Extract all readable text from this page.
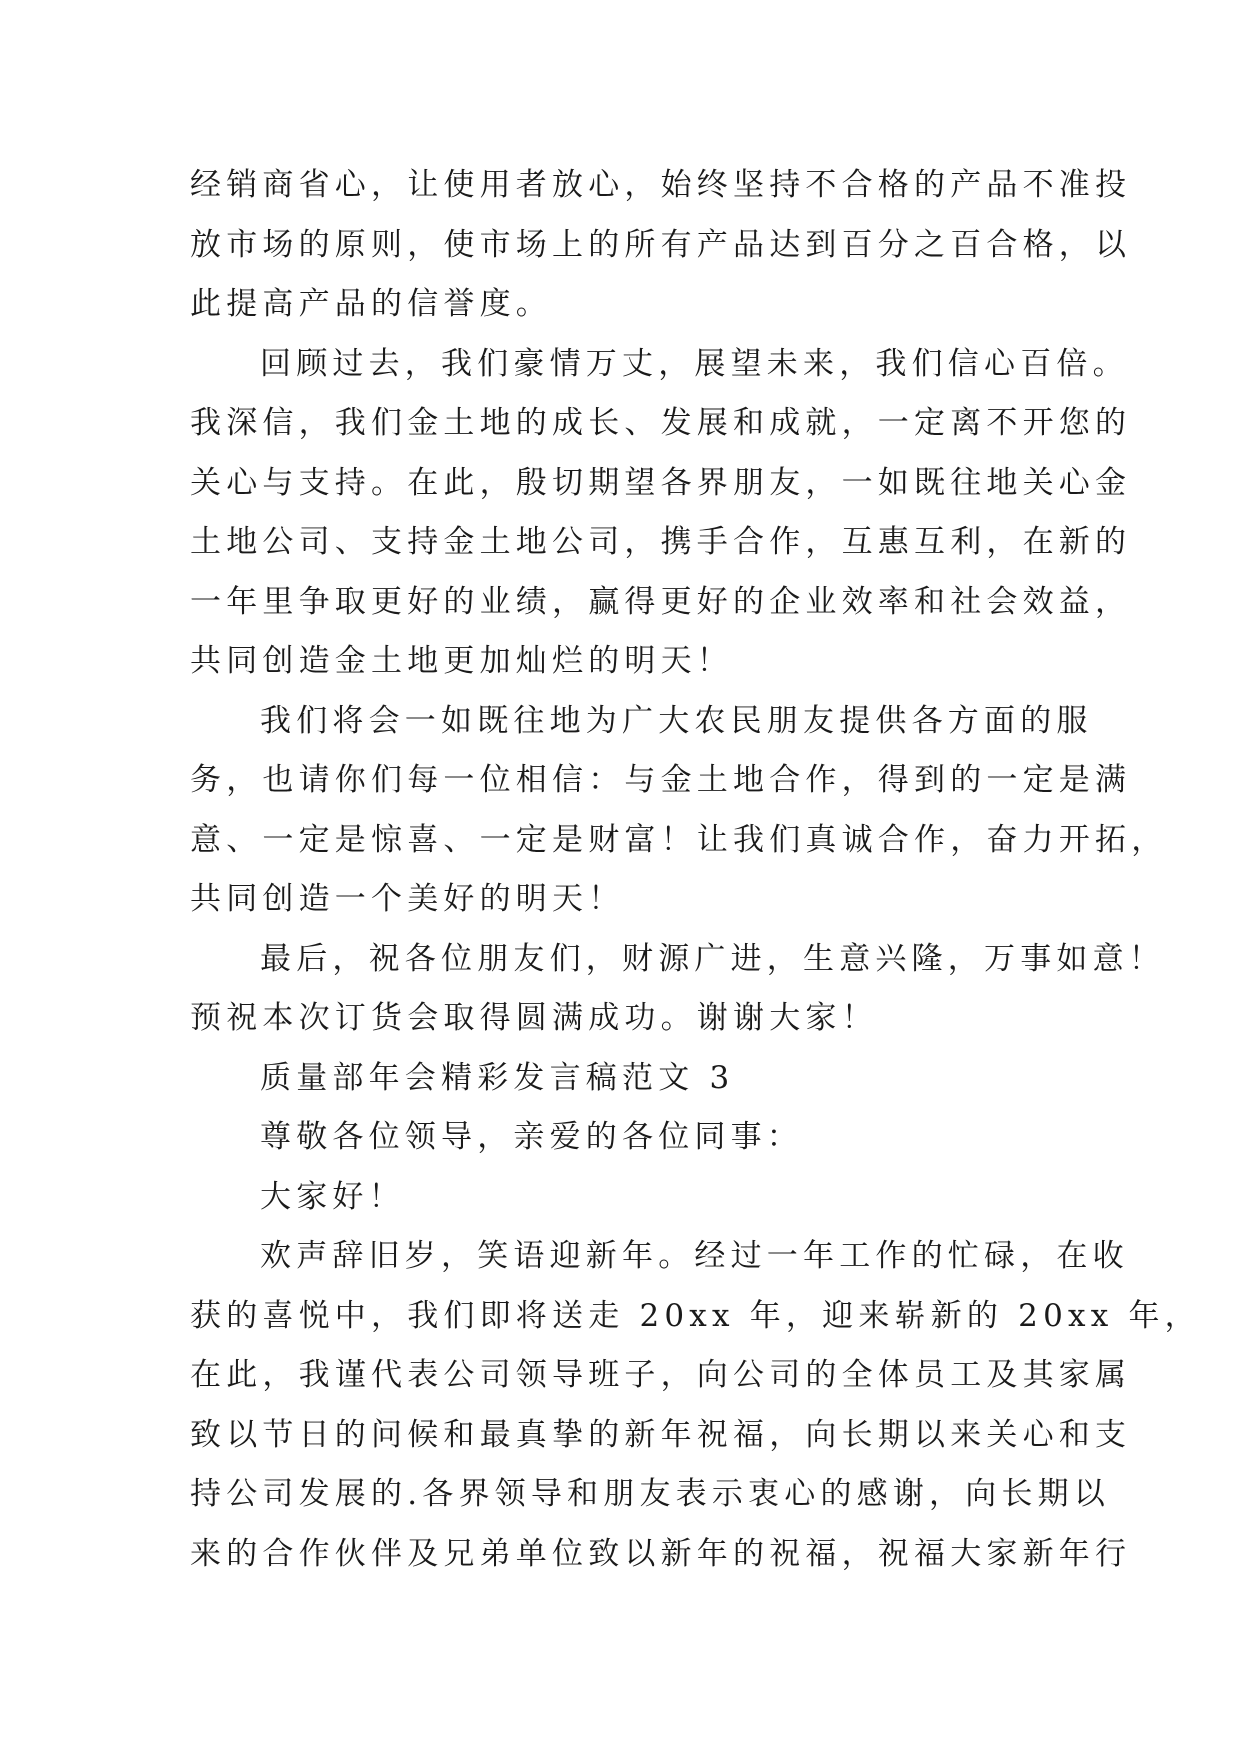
经销商省心，让使用者放心，始终坚持不合格的产品不准投
放市场的原则，使市场上的所有产品达到百分之百合格，以
此提高产品的信誉度。
回顾过去，我们豪情万丈，展望未来，我们信心百倍。
我深信，我们金土地的成长、发展和成就，一定离不开您的
关心与支持。在此，殷切期望各界朋友，一如既往地关心金
土地公司、支持金土地公司，携手合作，互惠互利，在新的
一年里争取更好的业绩，赢得更好的企业效率和社会效益，
共同创造金土地更加灿烂的明天！
我们将会一如既往地为广大农民朋友提供各方面的服
务，也请你们每一位相信：与金土地合作，得到的一定是满
意、一定是惊喜、一定是财富！让我们真诚合作，奋力开拓，
共同创造一个美好的明天！
最后，祝各位朋友们，财源广进，生意兴隆，万事如意！
预祝本次订货会取得圆满成功。谢谢大家！
质量部年会精彩发言稿范文 3
尊敬各位领导，亲爱的各位同事：
大家好！
欢声辞旧岁，笑语迎新年。经过一年工作的忙碌，在收
获的喜悦中，我们即将送走 20xx 年，迎来崭新的 20xx 年，
在此，我谨代表公司领导班子，向公司的全体员工及其家属
致以节日的问候和最真挚的新年祝福，向长期以来关心和支
持公司发展的.各界领导和朋友表示衷心的感谢，向长期以
来的合作伙伴及兄弟单位致以新年的祝福，祝福大家新年行
